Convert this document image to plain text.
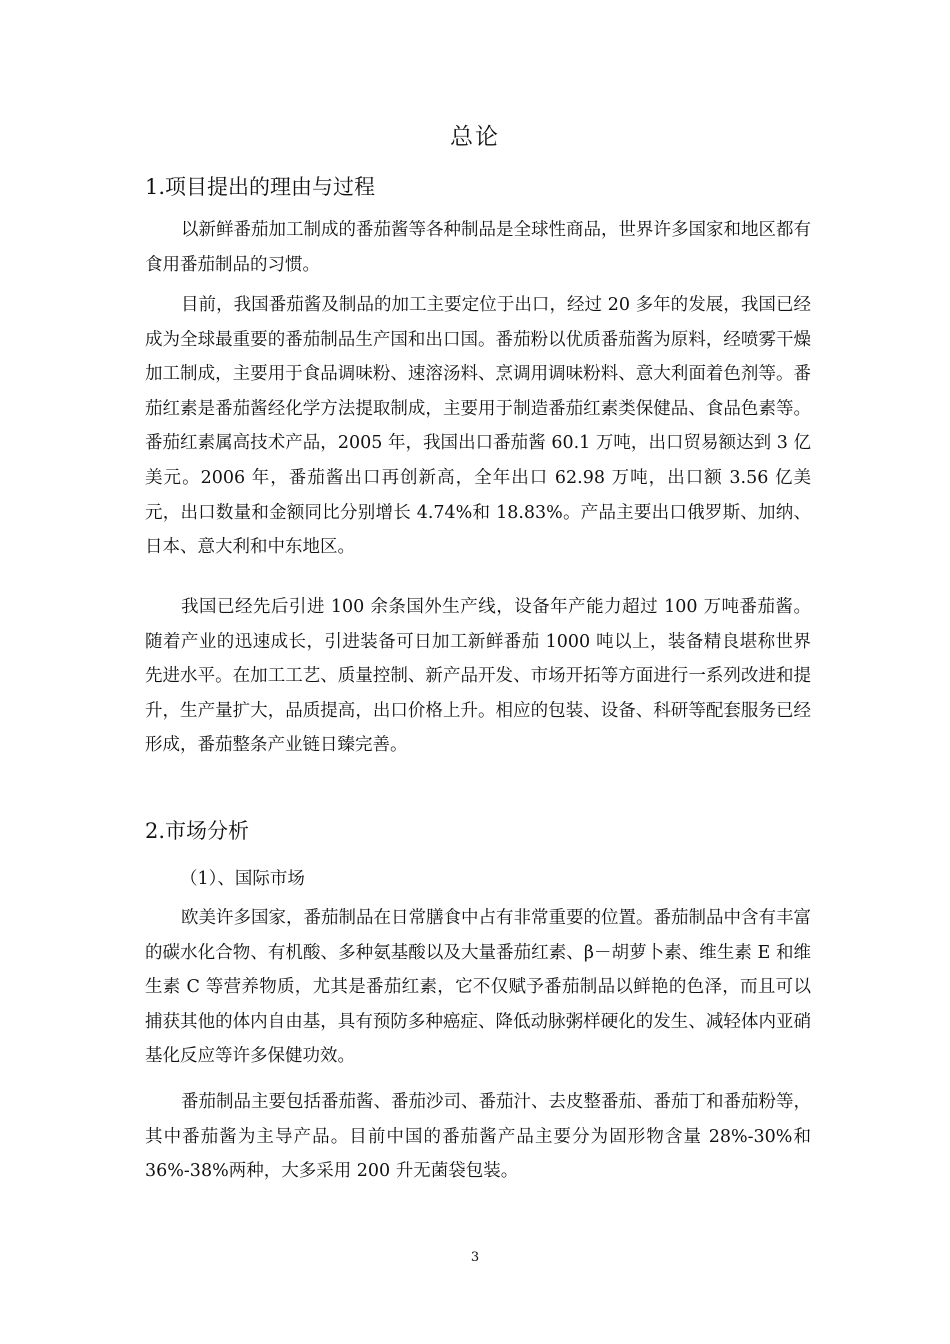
总论
1.项目提出的理由与过程

以新鲜番茄加工制成的番茄酱等各种制品是全球性商品，世界许多国家和地区都有食用番茄制品的习惯。

目前，我国番茄酱及制品的加工主要定位于出口，经过 20 多年的发展，我国已经成为全球最重要的番茄制品生产国和出口国。番茄粉以优质番茄酱为原料，经喷雾干燥加工制成，主要用于食品调味粉、速溶汤料、烹调用调味粉料、意大利面着色剂等。番茄红素是番茄酱经化学方法提取制成，主要用于制造番茄红素类保健品、食品色素等。番茄红素属高技术产品，2005 年，我国出口番茄酱 60.1 万吨，出口贸易额达到 3 亿美元。2006 年，番茄酱出口再创新高，全年出口 62.98 万吨，出口额 3.56 亿美元，出口数量和金额同比分别增长 4.74%和 18.83%。产品主要出口俄罗斯、加纳、日本、意大利和中东地区。

我国已经先后引进 100 余条国外生产线，设备年产能力超过 100 万吨番茄酱。随着产业的迅速成长，引进装备可日加工新鲜番茄 1000 吨以上，装备精良堪称世界先进水平。在加工工艺、质量控制、新产品开发、市场开拓等方面进行一系列改进和提升，生产量扩大，品质提高，出口价格上升。相应的包装、设备、科研等配套服务已经形成，番茄整条产业链日臻完善。

2.市场分析
（1）、国际市场

欧美许多国家，番茄制品在日常膳食中占有非常重要的位置。番茄制品中含有丰富的碳水化合物、有机酸、多种氨基酸以及大量番茄红素、β－胡萝卜素、维生素 E 和维生素 C 等营养物质，尤其是番茄红素，它不仅赋予番茄制品以鲜艳的色泽，而且可以捕获其他的体内自由基，具有预防多种癌症、降低动脉粥样硬化的发生、减轻体内亚硝基化反应等许多保健功效。

番茄制品主要包括番茄酱、番茄沙司、番茄汁、去皮整番茄、番茄丁和番茄粉等，其中番茄酱为主导产品。目前中国的番茄酱产品主要分为固形物含量 28%-30%和 36%-38%两种，大多采用 200 升无菌袋包装。

3
